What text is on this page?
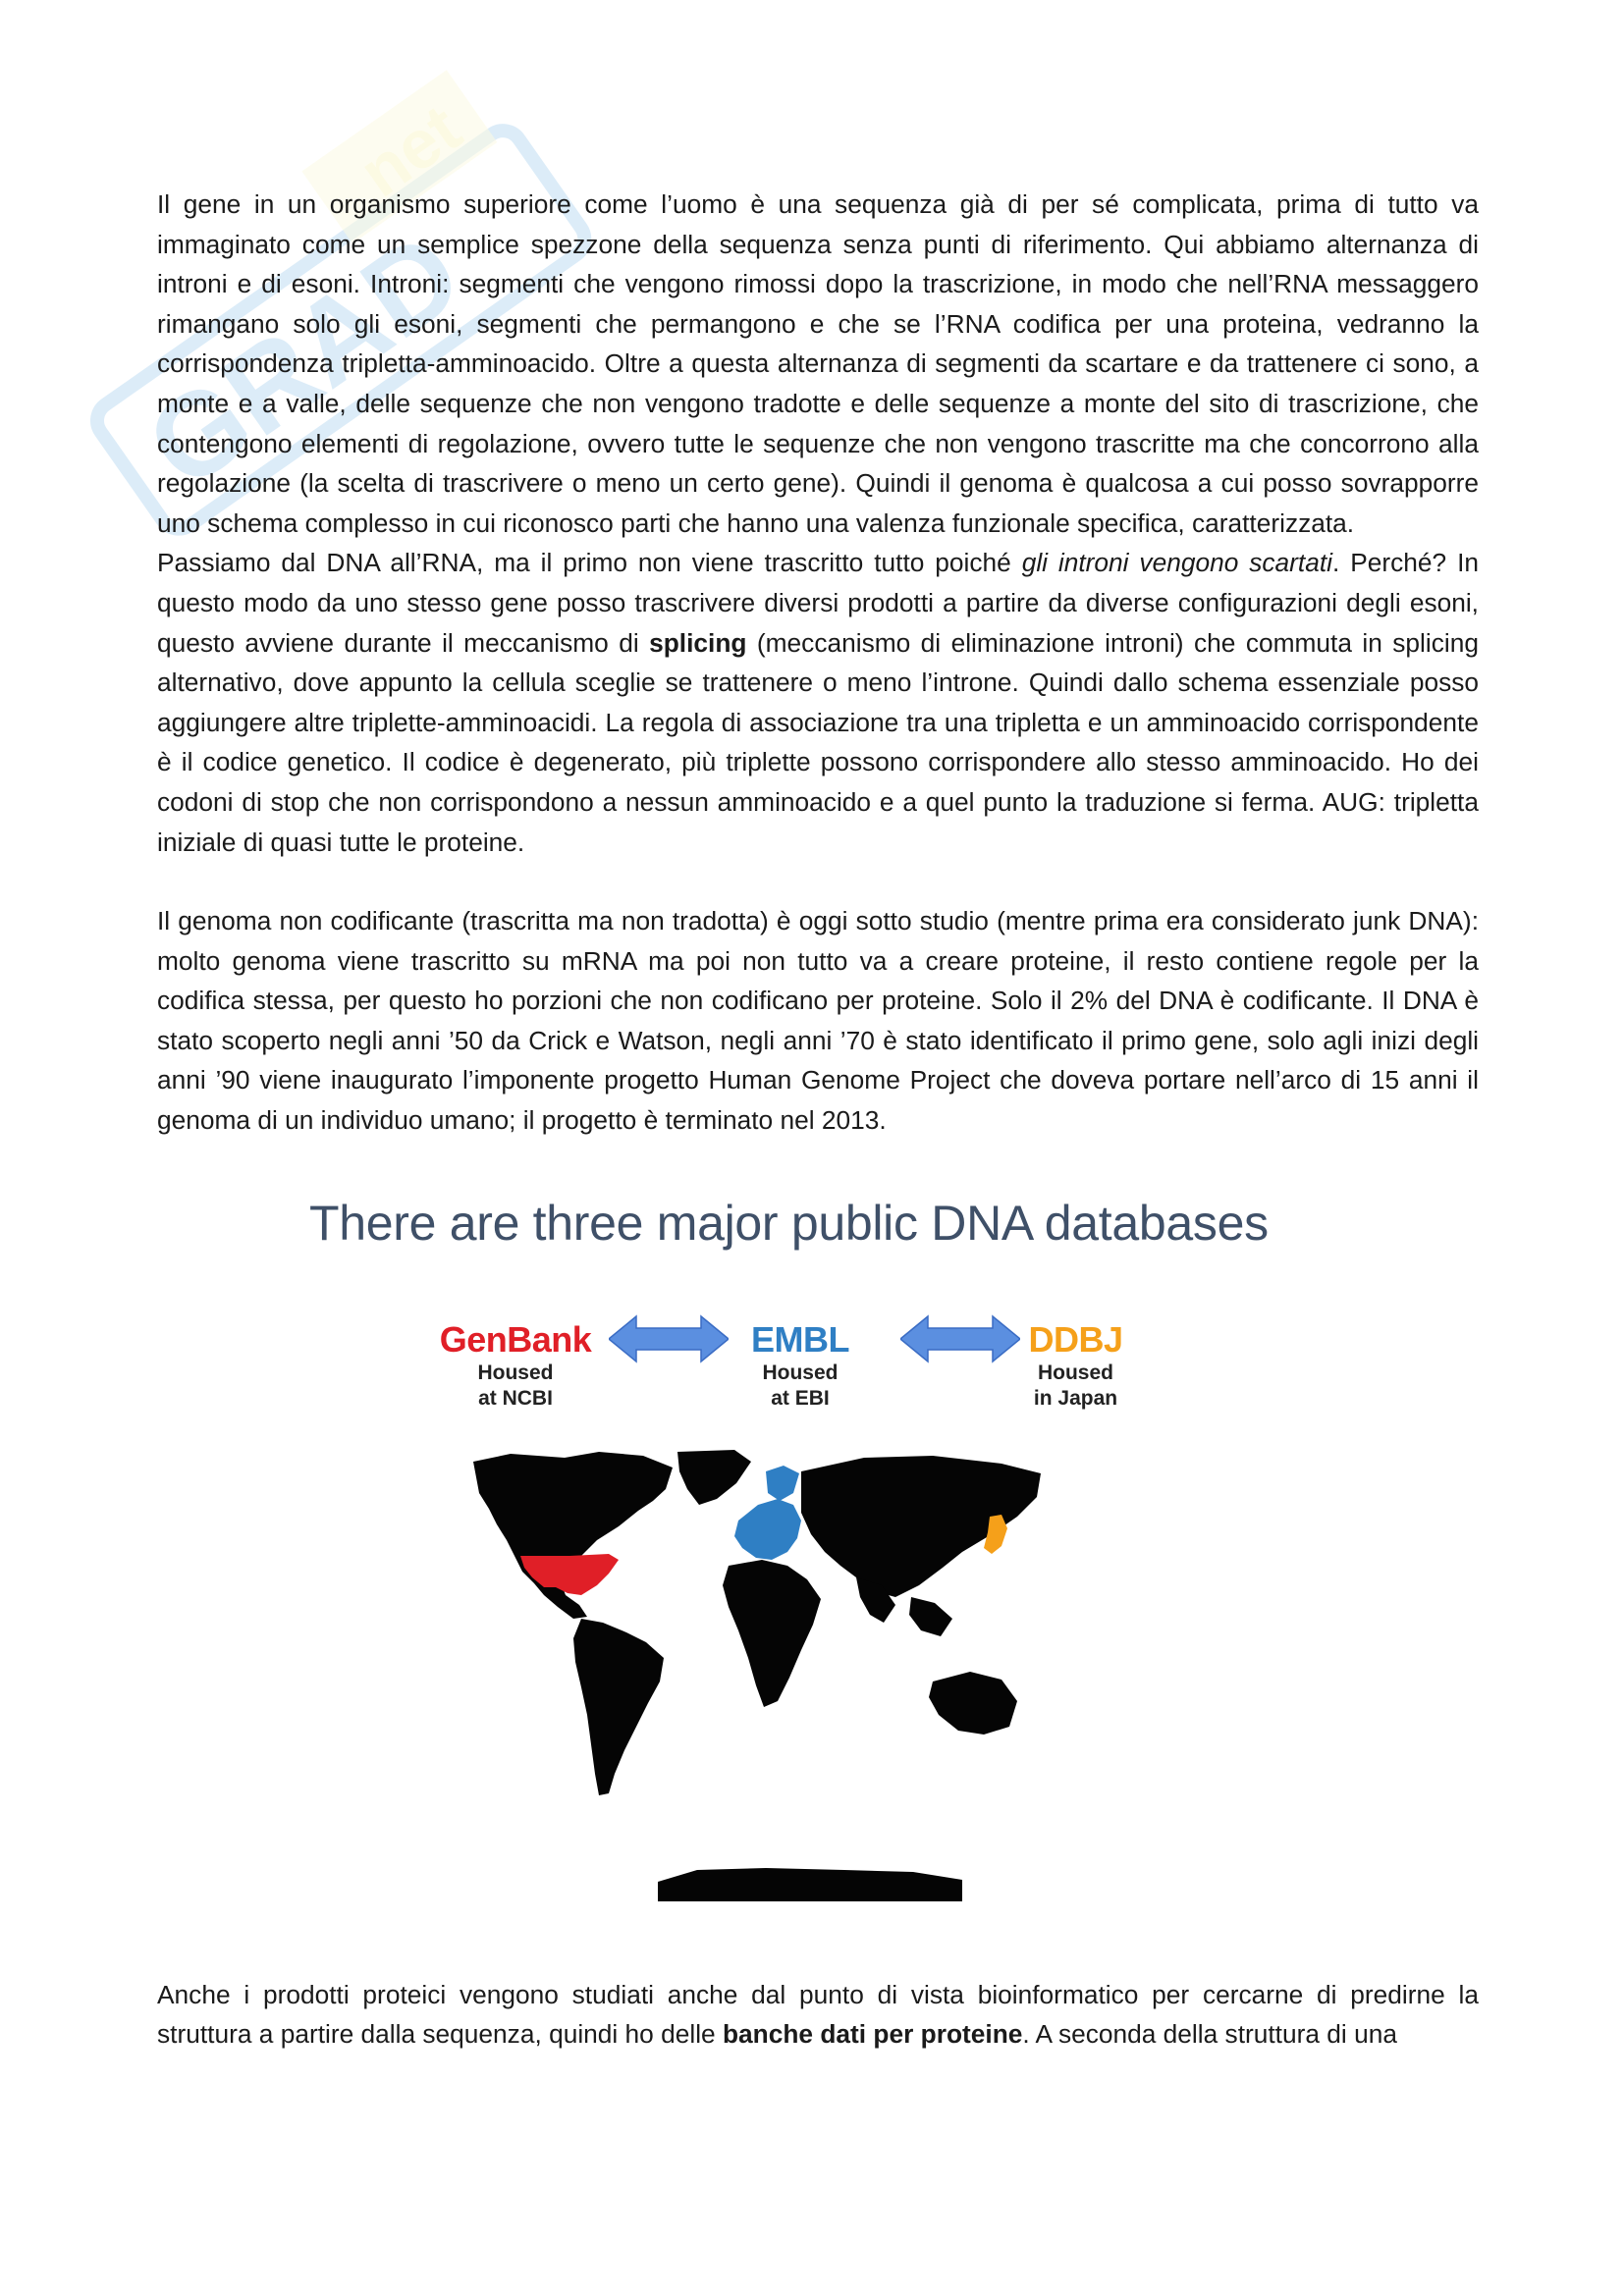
GRAD
net

Il gene in un organismo superiore come l’uomo è una sequenza già di per sé complicata, prima di tutto va immaginato come un semplice spezzone della sequenza senza punti di riferimento. Qui abbiamo alternanza di introni e di esoni. Introni: segmenti che vengono rimossi dopo la trascrizione, in modo che nell’RNA messaggero rimangano solo gli esoni, segmenti che permangono e che se l’RNA codifica per una proteina, vedranno la corrispondenza tripletta-amminoacido. Oltre a questa alternanza di segmenti da scartare e da trattenere ci sono, a monte e a valle, delle sequenze che non vengono tradotte e delle sequenze a monte del sito di trascrizione, che contengono elementi di regolazione, ovvero tutte le sequenze che non vengono trascritte ma che concorrono alla regolazione (la scelta di trascrivere o meno un certo gene). Quindi il genoma è qualcosa a cui posso sovrapporre uno schema complesso in cui riconosco parti che hanno una valenza funzionale specifica, caratterizzata.

Passiamo dal DNA all’RNA, ma il primo non viene trascritto tutto poiché gli introni vengono scartati. Perché? In questo modo da uno stesso gene posso trascrivere diversi prodotti a partire da diverse configurazioni degli esoni, questo avviene durante il meccanismo di splicing (meccanismo di eliminazione introni) che commuta in splicing alternativo, dove appunto la cellula sceglie se trattenere o meno l’introne. Quindi dallo schema essenziale posso aggiungere altre triplette-amminoacidi. La regola di associazione tra una tripletta e un amminoacido corrispondente è il codice genetico. Il codice è degenerato, più triplette possono corrispondere allo stesso amminoacido. Ho dei codoni di stop che non corrispondono a nessun amminoacido e a quel punto la traduzione si ferma. AUG: tripletta iniziale di quasi tutte le proteine.

Il genoma non codificante (trascritta ma non tradotta) è oggi sotto studio (mentre prima era considerato junk DNA): molto genoma viene trascritto su mRNA ma poi non tutto va a creare proteine, il resto contiene regole per la codifica stessa, per questo ho porzioni che non codificano per proteine. Solo il 2% del DNA è codificante. Il DNA è stato scoperto negli anni ’50 da Crick e Watson, negli anni ’70 è stato identificato il primo gene, solo agli inizi degli anni ’90 viene inaugurato l’imponente progetto Human Genome Project che doveva portare nell’arco di 15 anni il genoma di un individuo umano; il progetto è terminato nel 2013.

There are three major public DNA databases
GenBank
Housed
at NCBI
EMBL
Housed
at EBI
DDBJ
Housed
in Japan

Anche i prodotti proteici vengono studiati anche dal punto di vista bioinformatico per cercarne di predirne la struttura a partire dalla sequenza, quindi ho delle banche dati per proteine. A seconda della struttura di una
